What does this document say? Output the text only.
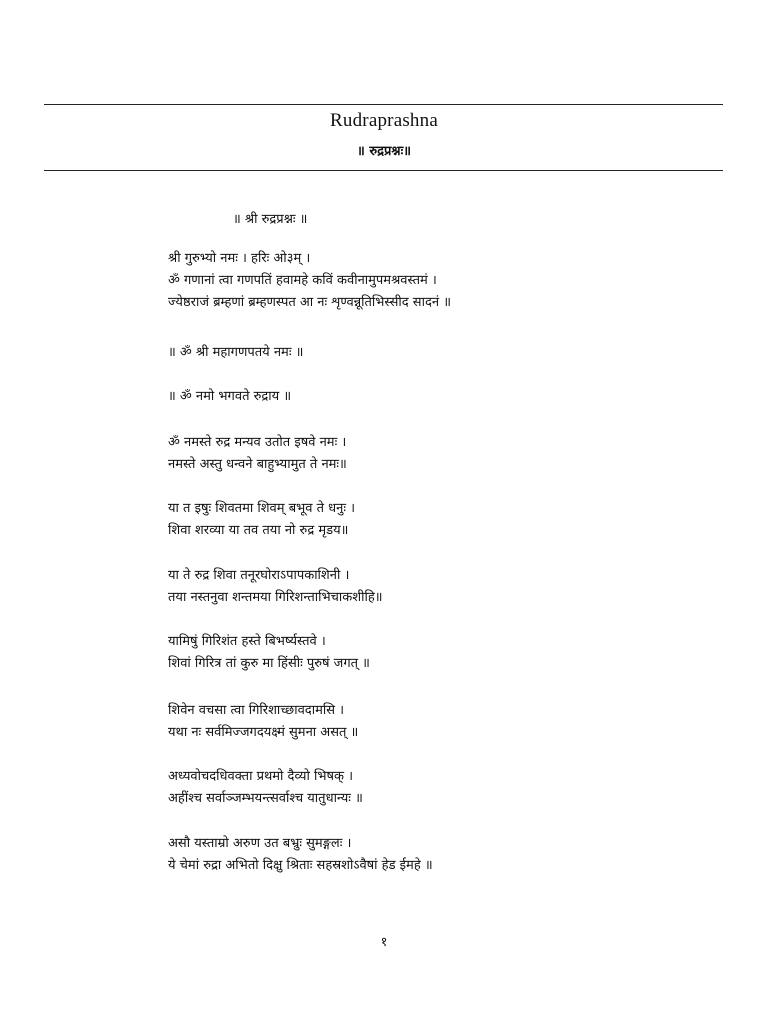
Rudraprashna
॥ रुद्रप्रश्नः॥
॥ श्री रुद्रप्रश्नः ॥
श्री गुरुभ्यो नमः । हरिः ओ३म् ।
ॐ गणानां त्वा गणपतिं हवामहे कविं कवीनामुपमश्रवस्तमं ।
ज्येष्ठराजं ब्रम्हणां ब्रम्हणस्पत आ नः शृण्वन्नूतिभिस्सीद सादनं ॥
॥ ॐ श्री महागणपतये नमः ॥
॥ ॐ नमो भगवते रुद्राय ॥
ॐ नमस्ते रुद्र मन्यव उतोत इषवे नमः ।
नमस्ते अस्तु धन्वने बाहुभ्यामुत ते नमः॥
या त इषुः शिवतमा शिवम् बभूव ते धनुः ।
शिवा शरव्या या तव तया नो रुद्र मृडय॥
या ते रुद्र शिवा तनूरघोराऽपापकाशिनी ।
तया नस्तनुवा शन्तमया गिरिशन्ताभिचाकशीहि॥
यामिषुं गिरिशंत हस्ते बिभर्ष्यस्तवे ।
शिवां गिरित्र तां कुरु मा हिंसीः पुरुषं जगत् ॥
शिवेन वचसा त्वा गिरिशाच्छावदामसि ।
यथा नः सर्वमिज्जगदयक्ष्मं सुमना असत् ॥
अध्यवोचदधिवक्ता प्रथमो दैव्यो भिषक् ।
अहींश्च सर्वाञ्जम्भयन्त्सर्वाश्च यातुधान्यः ॥
असौ यस्ताम्रो अरुण उत बभ्रुः सुमङ्गलः ।
ये चेमां रुद्रा अभितो दिक्षु श्रिताः सहस्रशोऽवैषां हेड ईमहे ॥
१
